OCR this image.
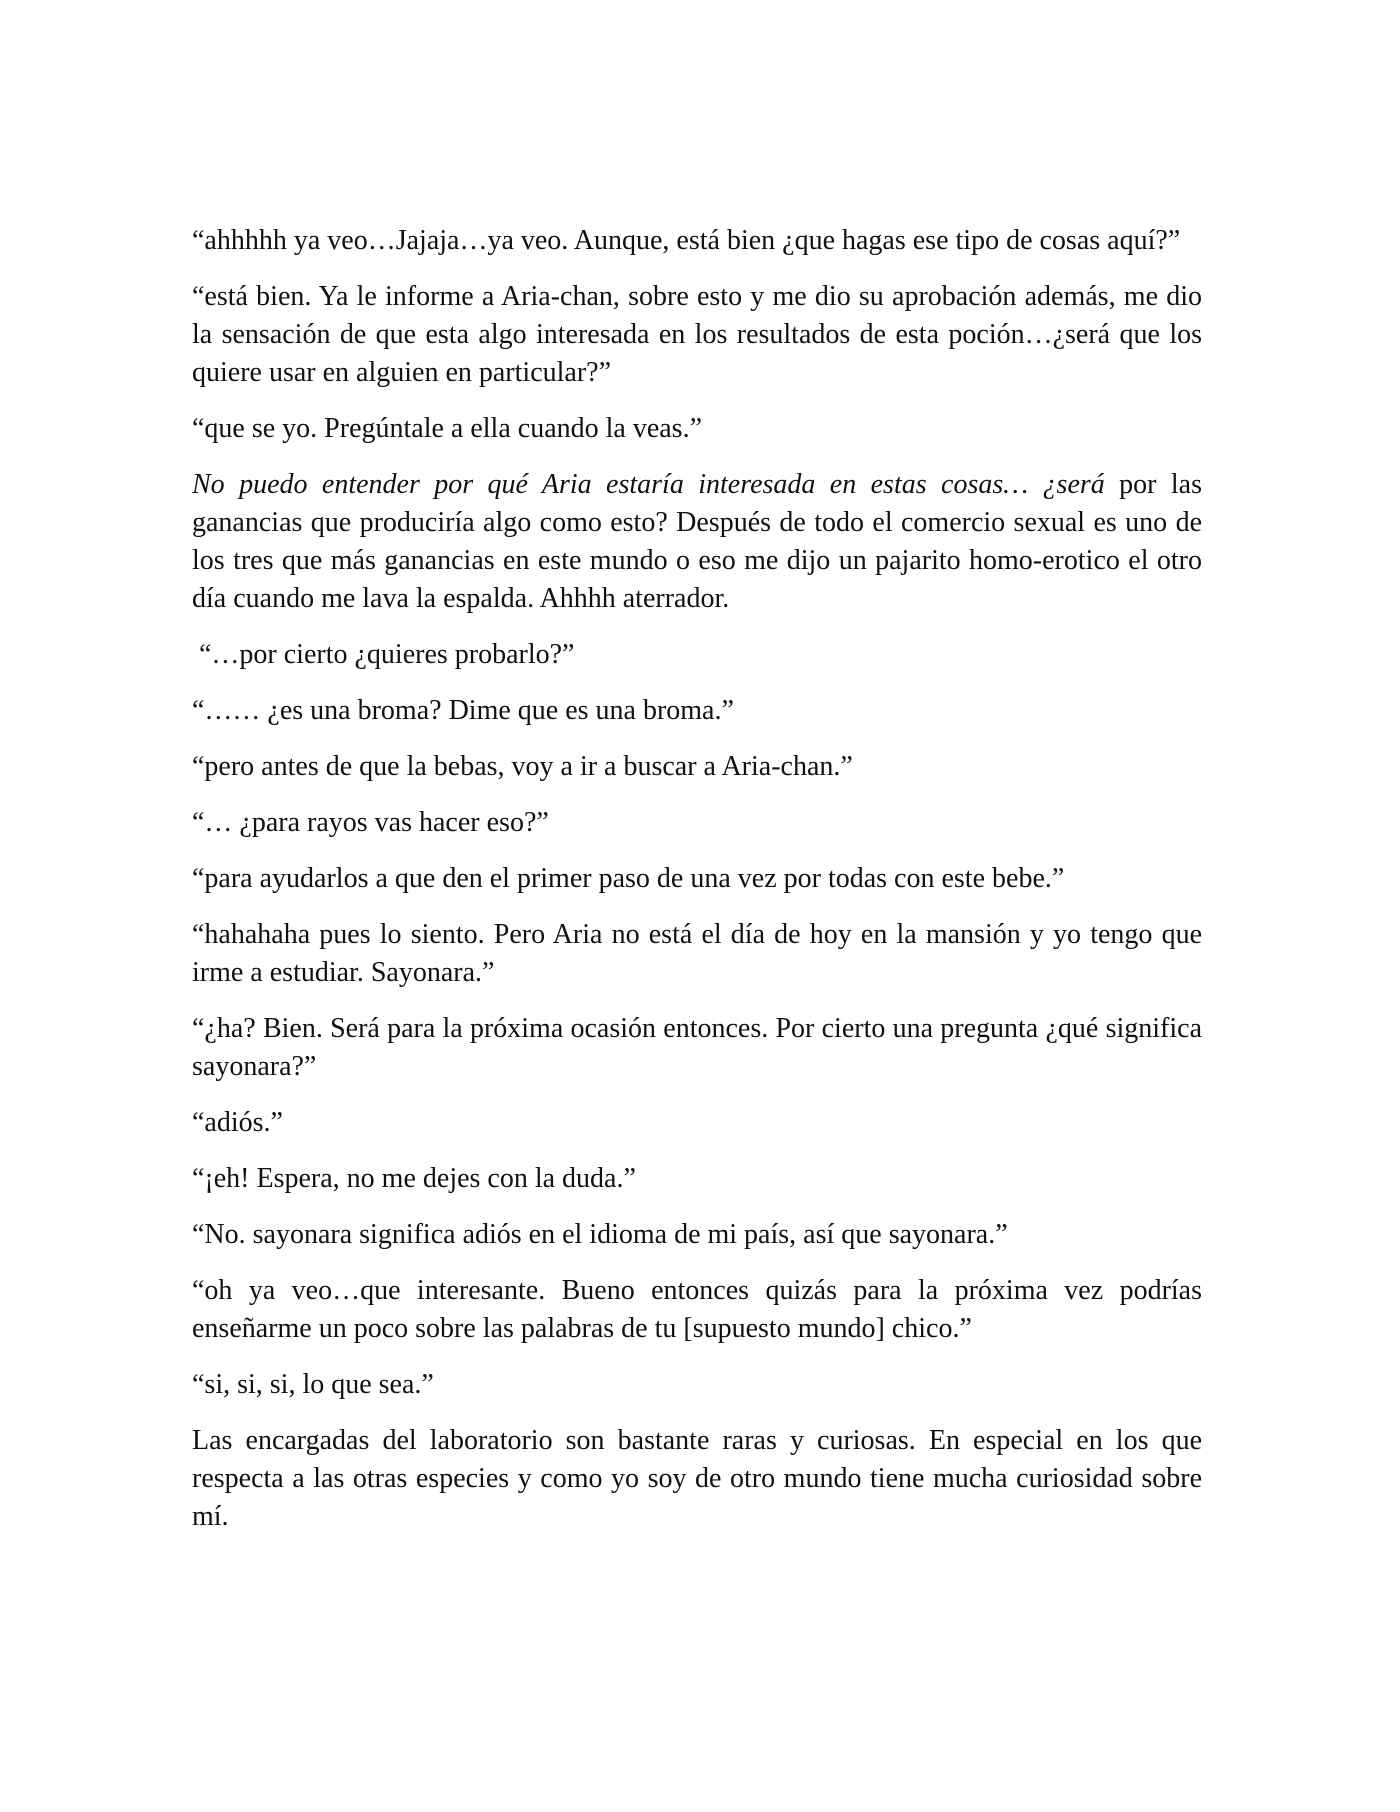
“ahhhhh ya veo…Jajaja…ya veo. Aunque, está bien ¿que hagas ese tipo de cosas aquí?”

“está bien. Ya le informe a Aria-chan, sobre esto y me dio su aprobación además, me dio la sensación de que esta algo interesada en los resultados de esta poción…¿será que los quiere usar en alguien en particular?”

“que se yo. Pregúntale a ella cuando la veas.”

No puedo entender por qué Aria estaría interesada en estas cosas… ¿será por las ganancias que produciría algo como esto? Después de todo el comercio sexual es uno de los tres que más ganancias en este mundo o eso me dijo un pajarito homo-erotico el otro día cuando me lava la espalda. Ahhhh aterrador.

“…por cierto ¿quieres probarlo?”

“…… ¿es una broma? Dime que es una broma.”

“pero antes de que la bebas, voy a ir a buscar a Aria-chan.”

“… ¿para rayos vas hacer eso?”

“para ayudarlos a que den el primer paso de una vez por todas con este bebe.”

“hahahaha pues lo siento. Pero Aria no está el día de hoy en la mansión y yo tengo que irme a estudiar. Sayonara.”

“¿ha? Bien. Será para la próxima ocasión entonces. Por cierto una pregunta ¿qué significa sayonara?”

“adiós.”

“¡eh! Espera, no me dejes con la duda.”

“No. sayonara significa adiós en el idioma de mi país, así que sayonara.”

“oh ya veo…que interesante. Bueno entonces quizás para la próxima vez podrías enseñarme un poco sobre las palabras de tu [supuesto mundo] chico.”

“si, si, si, lo que sea.”

Las encargadas del laboratorio son bastante raras y curiosas. En especial en los que respecta a las otras especies y como yo soy de otro mundo tiene mucha curiosidad sobre mí.
